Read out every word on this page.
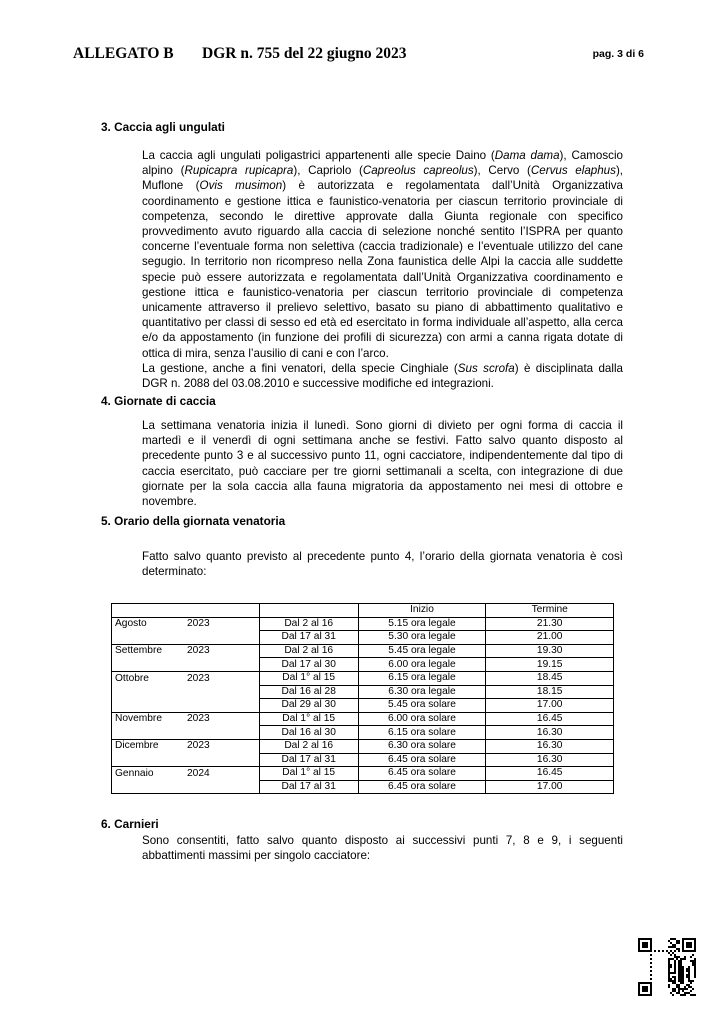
ALLEGATO B DGR n. 755 del 22 giugno 2023	pag. 3 di 6
3. Caccia agli ungulati

La caccia agli ungulati poligastrici appartenenti alle specie Daino (Dama dama), Camoscio alpino (Rupicapra rupicapra), Capriolo (Capreolus capreolus), Cervo (Cervus elaphus), Muflone (Ovis musimon) è autorizzata e regolamentata dall’Unità Organizzativa coordinamento e gestione ittica e faunistico-venatoria per ciascun territorio provinciale di competenza, secondo le direttive approvate dalla Giunta regionale con specifico provvedimento avuto riguardo alla caccia di selezione nonché sentito l’ISPRA per quanto concerne l’eventuale forma non selettiva (caccia tradizionale) e l’eventuale utilizzo del cane segugio. In territorio non ricompreso nella Zona faunistica delle Alpi la caccia alle suddette specie può essere autorizzata e regolamentata dall’Unità Organizzativa coordinamento e gestione ittica e faunistico-venatoria per ciascun territorio provinciale di competenza unicamente attraverso il prelievo selettivo, basato su piano di abbattimento qualitativo e quantitativo per classi di sesso ed età ed esercitato in forma individuale all’aspetto, alla cerca e/o da appostamento (in funzione dei profili di sicurezza) con armi a canna rigata dotate di ottica di mira, senza l’ausilio di cani e con l’arco.

La gestione, anche a fini venatori, della specie Cinghiale (Sus scrofa) è disciplinata dalla DGR n. 2088 del 03.08.2010 e successive modifiche ed integrazioni.

4. Giornate di caccia
La settimana venatoria inizia il lunedì. Sono giorni di divieto per ogni forma di caccia il martedì e il venerdì di ogni settimana anche se festivi. Fatto salvo quanto disposto al precedente punto 3 e al successivo punto 11, ogni cacciatore, indipendentemente dal tipo di caccia esercitato, può cacciare per tre giorni settimanali a scelta, con integrazione di due giornate per la sola caccia alla fauna migratoria da appostamento nei mesi di ottobre e novembre.
5. Orario della giornata venatoria
Fatto salvo quanto previsto al precedente punto 4, l’orario della giornata venatoria è così determinato:
		Inizio	Termine
Agosto 2023	Dal 2 al 16	5.15 ora legale	21.30
	Dal 17 al 31	5.30 ora legale	21.00
Settembre 2023	Dal 2 al 16	5.45 ora legale	19.30
	Dal 17 al 30	6.00 ora legale	19.15
Ottobre 2023	Dal 1° al 15	6.15 ora legale	18.45
	Dal 16 al 28	6.30 ora legale	18.15
	Dal 29 al 30	5.45 ora solare	17.00
Novembre 2023	Dal 1° al 15	6.00 ora solare	16.45
	Dal 16 al 30	6.15 ora solare	16.30
Dicembre 2023	Dal 2 al 16	6.30 ora solare	16.30
	Dal 17 al 31	6.45 ora solare	16.30
Gennaio 2024	Dal 1° al 15	6.45 ora solare	16.45
	Dal 17 al 31	6.45 ora solare	17.00
6. Carnieri
Sono consentiti, fatto salvo quanto disposto ai successivi punti 7, 8 e 9, i seguenti abbattimenti massimi per singolo cacciatore:
